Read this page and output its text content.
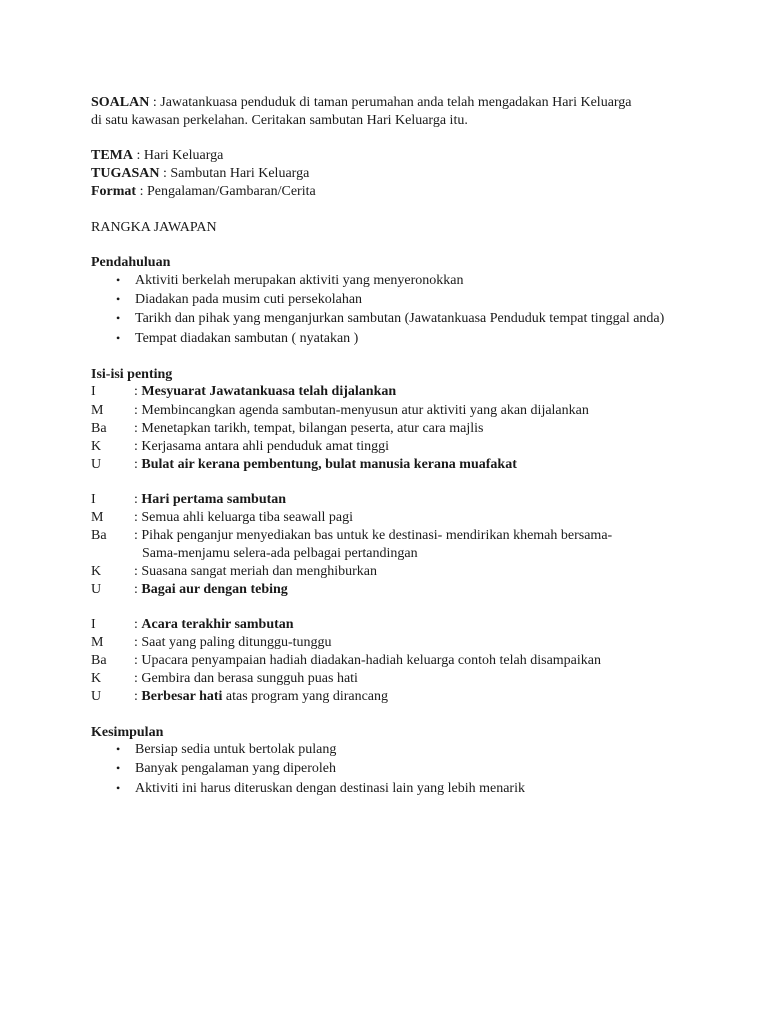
SOALAN : Jawatankuasa penduduk di taman perumahan anda telah mengadakan Hari Keluarga

di satu kawasan perkelahan. Ceritakan sambutan Hari Keluarga itu.

TEMA : Hari Keluarga

TUGASAN : Sambutan Hari Keluarga

Format : Pengalaman/Gambaran/Cerita

RANGKA JAWAPAN

Pendahuluan

• Aktiviti berkelah merupakan aktiviti yang menyeronokkan
• Diadakan pada musim cuti persekolahan
• Tarikh dan pihak yang menganjurkan sambutan (Jawatankuasa Penduduk tempat tinggal anda)
• Tempat diadakan sambutan ( nyatakan )

Isi-isi penting

I	: Mesyuarat Jawatankuasa telah dijalankan
M	: Membincangkan agenda sambutan-menyusun atur aktiviti yang akan dijalankan
Ba	: Menetapkan tarikh, tempat, bilangan peserta, atur cara majlis
K	: Kerjasama antara ahli penduduk amat tinggi
U	: Bulat air kerana pembentung, bulat manusia kerana muafakat
I	: Hari pertama sambutan
M	: Semua ahli keluarga tiba seawall pagi
Ba	: Pihak penganjur menyediakan bas untuk ke destinasi- mendirikan khemah bersama-
Sama-menjamu selera-ada pelbagai pertandingan
K	: Suasana sangat meriah dan menghiburkan
U	: Bagai aur dengan tebing
I	: Acara terakhir sambutan
M	: Saat yang paling ditunggu-tunggu
Ba	: Upacara penyampaian hadiah diadakan-hadiah keluarga contoh telah disampaikan
K	: Gembira dan berasa sungguh puas hati
U	: Berbesar hati atas program yang dirancang

Kesimpulan

• Bersiap sedia untuk bertolak pulang
• Banyak pengalaman yang diperoleh
• Aktiviti ini harus diteruskan dengan destinasi lain yang lebih menarik
